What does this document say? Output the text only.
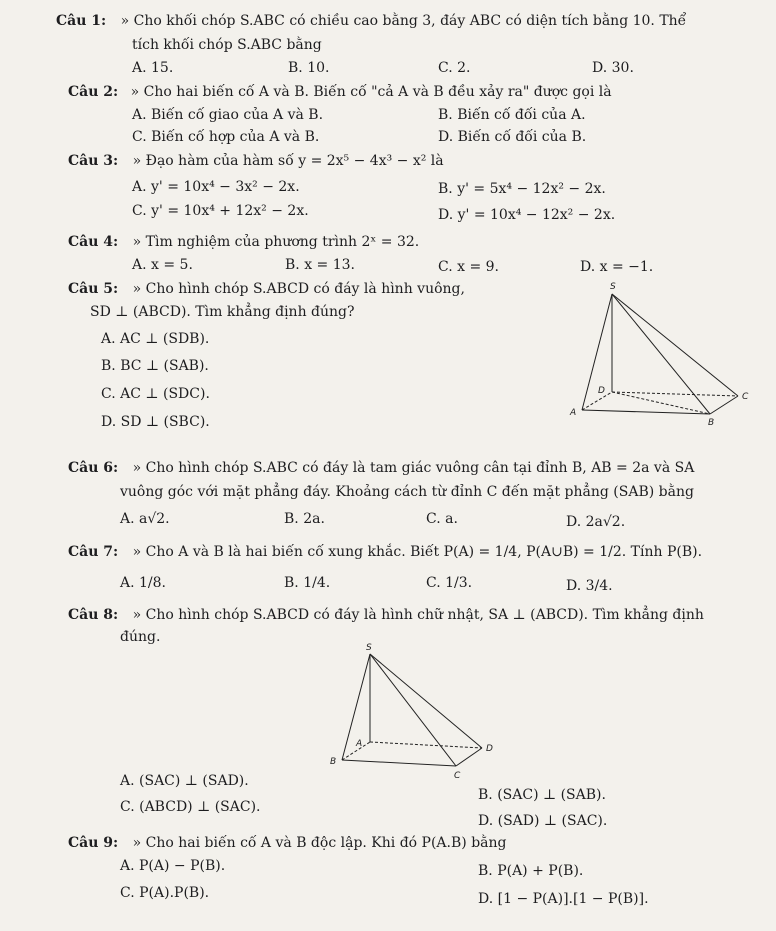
Câu 1: » Cho khối chóp S.ABC có chiều cao bằng 3, đáy ABC có diện tích bằng 10. Thể
tích khối chóp S.ABC bằng
A. 15.	B. 10.	C. 2.	D. 30.
Câu 2: » Cho hai biến cố A và B. Biến cố "cả A và B đều xảy ra" được gọi là
A. Biến cố giao của A và B.	B. Biến cố đối của A.
C. Biến cố hợp của A và B.	D. Biến cố đối của B.
Câu 3: » Đạo hàm của hàm số y = 2x⁵ − 4x³ − x² là
A. y' = 10x⁴ − 3x² − 2x.	B. y' = 5x⁴ − 12x² − 2x.
C. y' = 10x⁴ + 12x² − 2x.	D. y' = 10x⁴ − 12x² − 2x.
Câu 4: » Tìm nghiệm của phương trình 2ˣ = 32.
A. x = 5.	B. x = 13.	C. x = 9.	D. x = −1.
Câu 5: » Cho hình chóp S.ABCD có đáy là hình vuông,
SD ⊥ (ABCD). Tìm khẳng định đúng?
A. AC ⊥ (SDB).
B. BC ⊥ (SAB).
C. AC ⊥ (SDC).
D. SD ⊥ (SBC).
S
D
A
B
C
Câu 6: » Cho hình chóp S.ABC có đáy là tam giác vuông cân tại đỉnh B, AB = 2a và SA
vuông góc với mặt phẳng đáy. Khoảng cách từ đỉnh C đến mặt phẳng (SAB) bằng
A. a√2.	B. 2a.	C. a.	D. 2a√2.
Câu 7: » Cho A và B là hai biến cố xung khắc. Biết P(A) = 1/4, P(A∪B) = 1/2. Tính P(B).
A. 1/8.	B. 1/4.	C. 1/3.	D. 3/4.
Câu 8: » Cho hình chóp S.ABCD có đáy là hình chữ nhật, SA ⊥ (ABCD). Tìm khẳng định
đúng.
S
A
B
C
D
A. (SAC) ⊥ (SAD).
B. (SAC) ⊥ (SAB).
C. (ABCD) ⊥ (SAC).
D. (SAD) ⊥ (SAC).
Câu 9: » Cho hai biến cố A và B độc lập. Khi đó P(A.B) bằng
A. P(A) − P(B).	B. P(A) + P(B).
C. P(A).P(B).	D. [1 − P(A)].[1 − P(B)].
